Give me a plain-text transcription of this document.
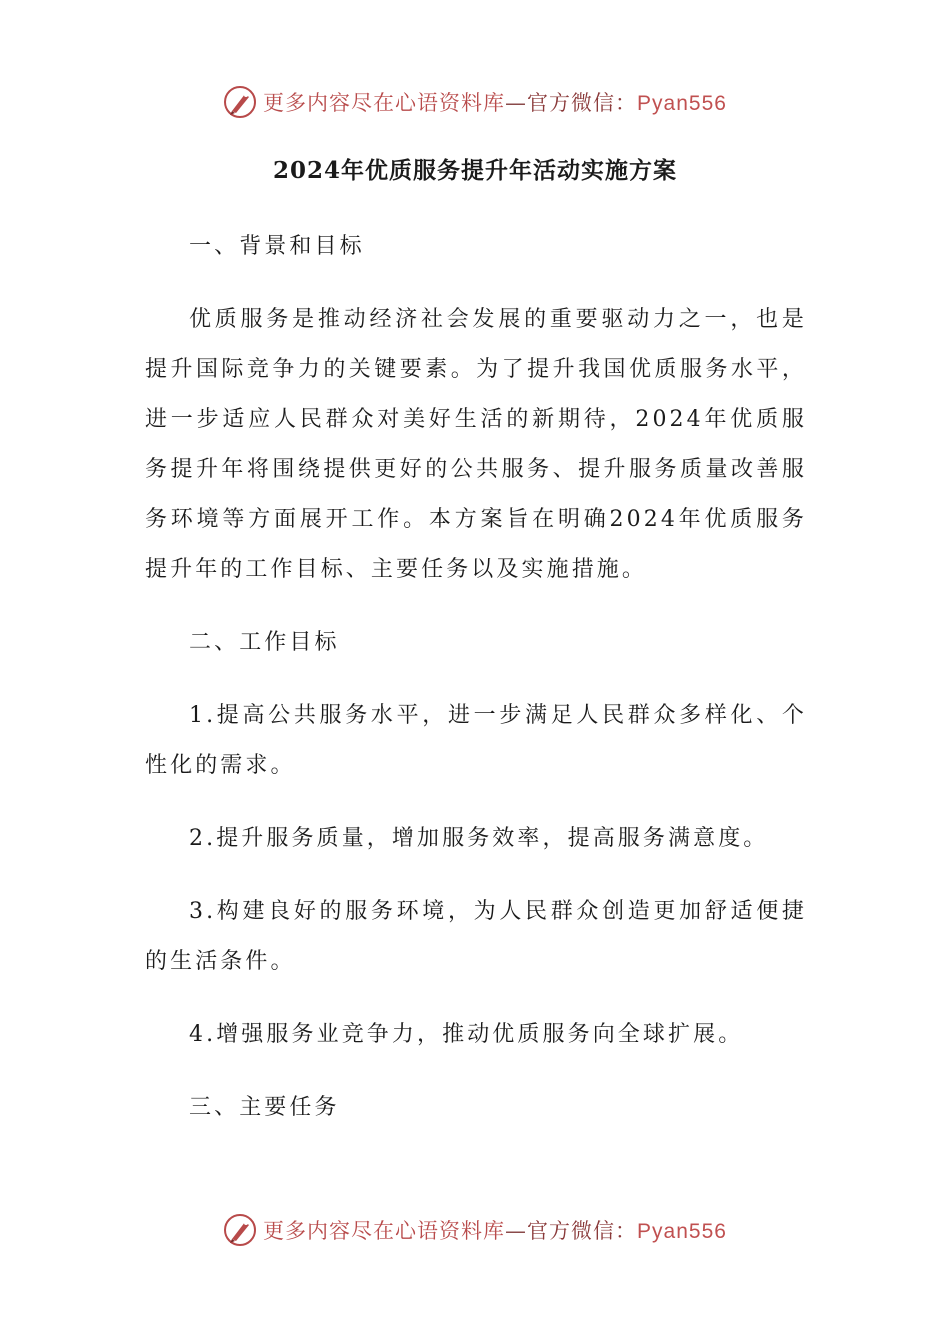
更多内容尽在心语资料库—官方微信：Pyan556
2024年优质服务提升年活动实施方案

一、背景和目标

优质服务是推动经济社会发展的重要驱动力之一，也是提升国际竞争力的关键要素。为了提升我国优质服务水平，进一步适应人民群众对美好生活的新期待，2024年优质服务提升年将围绕提供更好的公共服务、提升服务质量改善服务环境等方面展开工作。本方案旨在明确2024年优质服务提升年的工作目标、主要任务以及实施措施。

二、工作目标

1.提高公共服务水平，进一步满足人民群众多样化、个性化的需求。

2.提升服务质量，增加服务效率，提高服务满意度。

3.构建良好的服务环境，为人民群众创造更加舒适便捷的生活条件。

4.增强服务业竞争力，推动优质服务向全球扩展。

三、主要任务

更多内容尽在心语资料库—官方微信：Pyan556
